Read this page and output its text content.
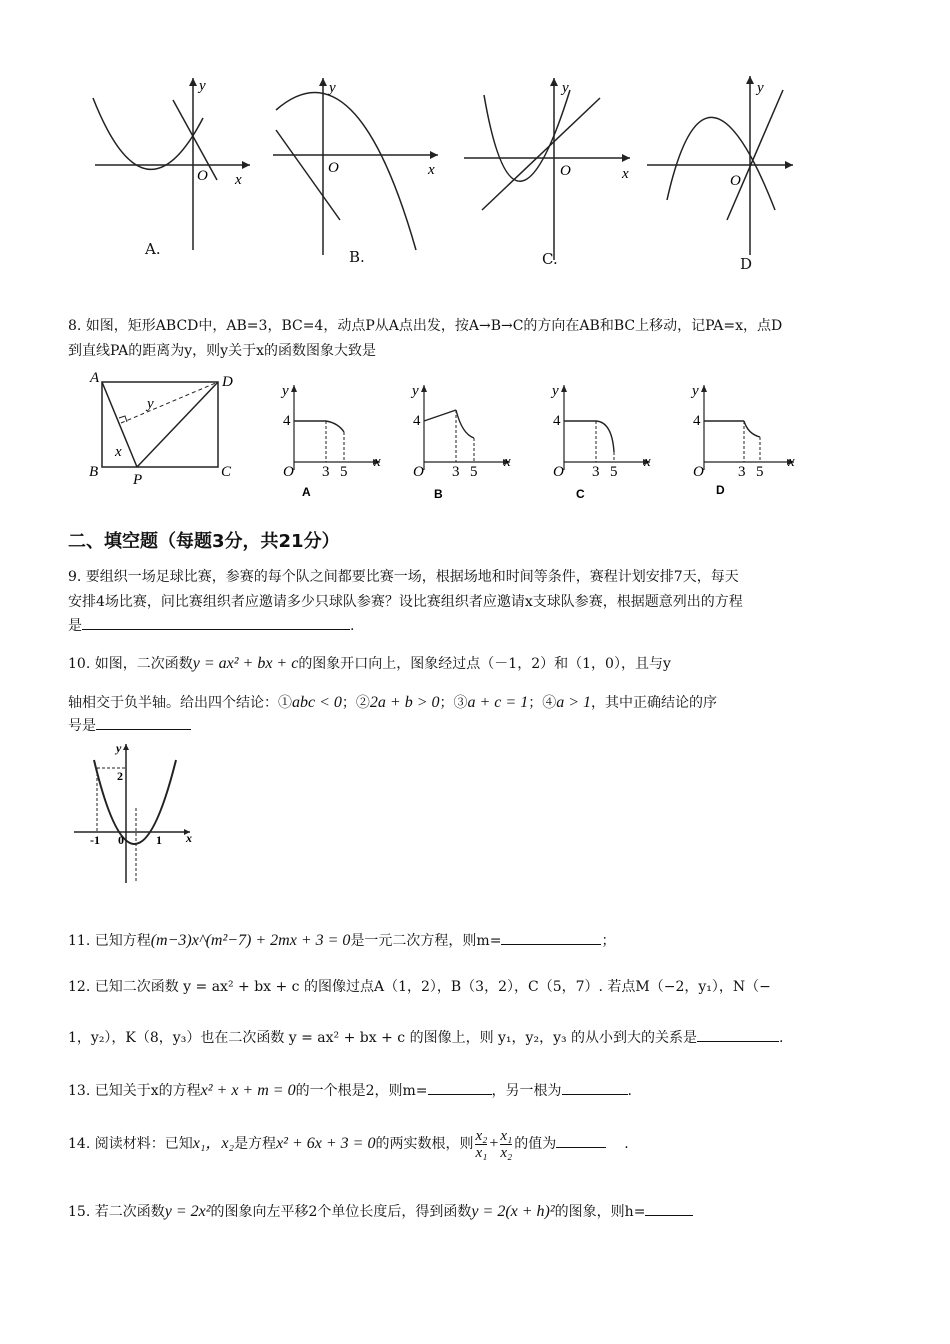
y
O x
A.
y
O	x
B.
y
O	x
C.
y
O
D
8. 如图，矩形ABCD中，AB=3，BC=4，动点P从A点出发，按A→B→C的方向在AB和BC上移动，记PA=x，点D
到直线PA的距离为y，则y关于x的函数图象大致是
A	D
B	C
P
x
y
y
4
O 3 5
x
A
y
4
O 3 5
x
B
y
4
O 3 5
x
C
y
4
O 3 5
x
D
二、填空题（每题3分，共21分）
9. 要组织一场足球比赛，参赛的每个队之间都要比赛一场，根据场地和时间等条件，赛程计划安排7天，每天
安排4场比赛，问比赛组织者应邀请多少只球队参赛？设比赛组织者应邀请x支球队参赛，根据题意列出的方程
是	.
10. 如图，二次函数y = ax² + bx + c的图象开口向上，图象经过点（－1，2）和（1，0），且与y
轴相交于负半轴。给出四个结论：①abc < 0；②2a + b > 0；③a + c = 1；④a > 1，其中正确结论的序
号是
y
2
-1 0	1 x
11. 已知方程(m−3)x^(m²−7) + 2mx + 3 = 0是一元二次方程，则m=	；
12. 已知二次函数 y = ax² + bx + c 的图像过点A（1，2），B（3，2），C（5，7）. 若点M（−2，y₁），N（−
1，y₂），K（8，y₃）也在二次函数 y = ax² + bx + c 的图像上，则 y₁，y₂，y₃ 的从小到大的关系是	.
13. 已知关于x的方程x² + x + m = 0的一个根是2，则m=	，另一根为	.
14. 阅读材料：已知x₁，x₂是方程x² + 6x + 3 = 0的两实数根，则 $\frac{\text{x₂}}{\text{x₁}} + \frac{\text{x₁}}{\text{x₂}}$ 的值为	.
15. 若二次函数y = 2x²的图象向左平移2个单位长度后，得到函数y = 2(x + h)²的图象，则h=
